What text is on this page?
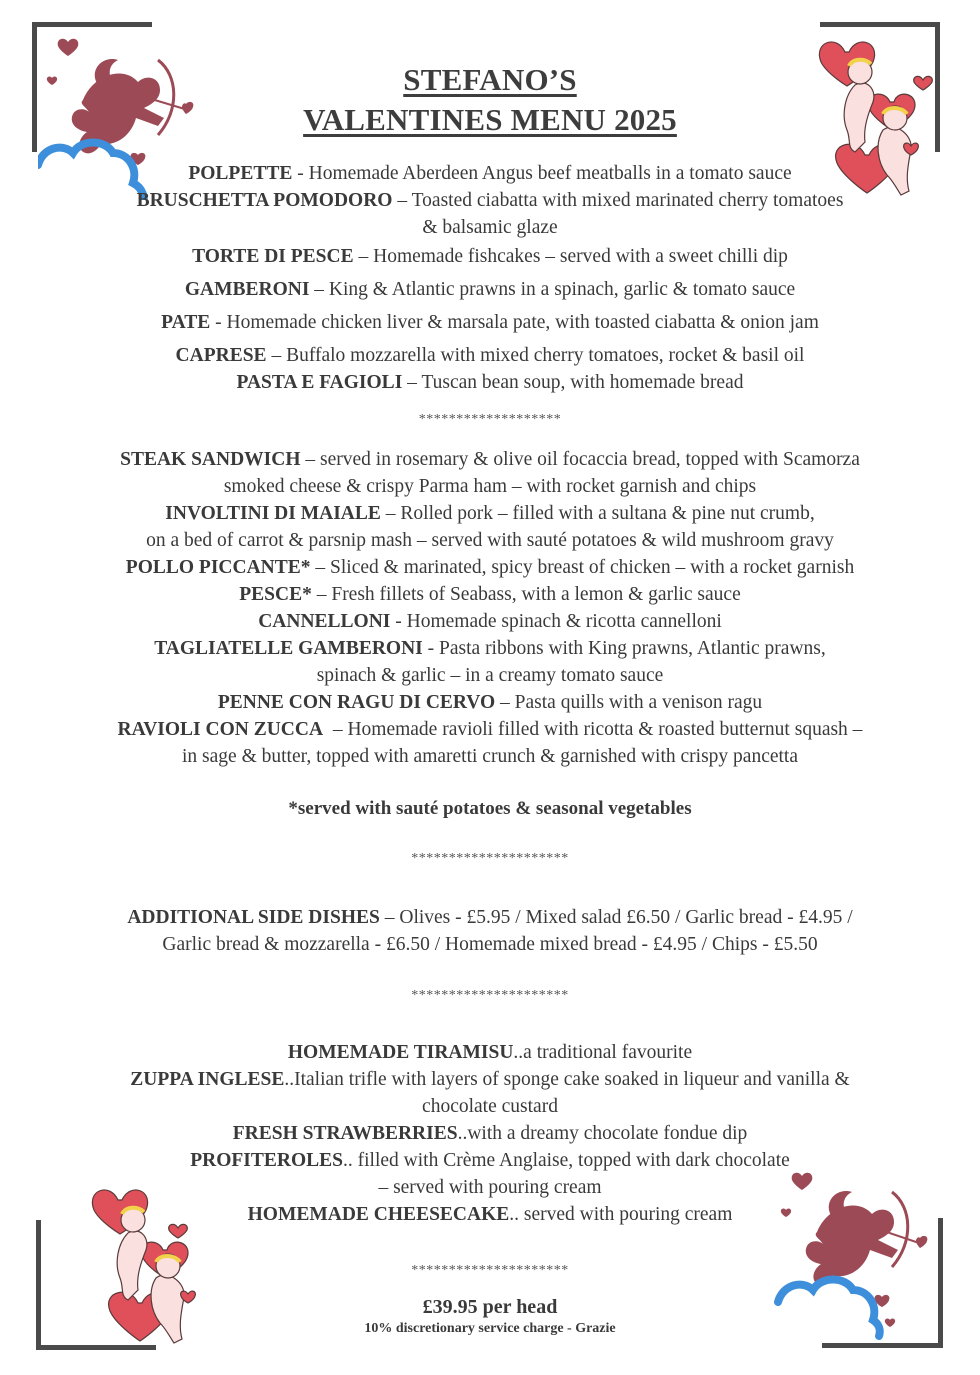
STEFANO’S
VALENTINES MENU 2025
POLPETTE - Homemade Aberdeen Angus beef meatballs in a tomato sauce
BRUSCHETTA POMODORO – Toasted ciabatta with mixed marinated cherry tomatoes
& balsamic glaze
TORTE DI PESCE – Homemade fishcakes – served with a sweet chilli dip
GAMBERONI – King & Atlantic prawns in a spinach, garlic & tomato sauce
PATE - Homemade chicken liver & marsala pate, with toasted ciabatta & onion jam
CAPRESE – Buffalo mozzarella with mixed cherry tomatoes, rocket & basil oil
PASTA E FAGIOLI – Tuscan bean soup, with homemade bread
*******************
STEAK SANDWICH – served in rosemary & olive oil focaccia bread, topped with Scamorza
smoked cheese & crispy Parma ham – with rocket garnish and chips
INVOLTINI DI MAIALE – Rolled pork – filled with a sultana & pine nut crumb,
on a bed of carrot & parsnip mash – served with sauté potatoes & wild mushroom gravy
POLLO PICCANTE* – Sliced & marinated, spicy breast of chicken – with a rocket garnish
PESCE* – Fresh fillets of Seabass, with a lemon & garlic sauce
CANNELLONI - Homemade spinach & ricotta cannelloni
TAGLIATELLE GAMBERONI - Pasta ribbons with King prawns, Atlantic prawns,
spinach & garlic – in a creamy tomato sauce
PENNE CON RAGU DI CERVO – Pasta quills with a venison ragu
RAVIOLI CON ZUCCA  – Homemade ravioli filled with ricotta & roasted butternut squash –
in sage & butter, topped with amaretti crunch & garnished with crispy pancetta
*served with sauté potatoes & seasonal vegetables
*********************
ADDITIONAL SIDE DISHES – Olives - £5.95 / Mixed salad £6.50 / Garlic bread - £4.95 /
Garlic bread & mozzarella - £6.50 / Homemade mixed bread - £4.95 / Chips - £5.50
*********************
HOMEMADE TIRAMISU..a traditional favourite
ZUPPA INGLESE..Italian trifle with layers of sponge cake soaked in liqueur and vanilla &
chocolate custard
FRESH STRAWBERRIES..with a dreamy chocolate fondue dip
PROFITEROLES.. filled with Crème Anglaise, topped with dark chocolate
– served with pouring cream
HOMEMADE CHEESECAKE.. served with pouring cream
*********************
£39.95 per head
10% discretionary service charge - Grazie
